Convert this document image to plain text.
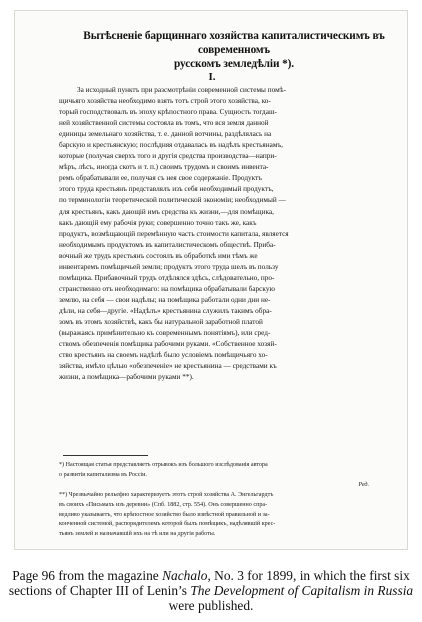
Вытѣсненіе барщиннаго хозяйства капиталистическимъ въ современномъ
русскомъ земледѣліи *).
I.
За исходный пунктъ при разсмотрѣніи современной системы помѣ-
щичьяго хозяйства необходимо взять тотъ строй этого хозяйства, ко-
торый господствовалъ въ эпоху крѣпостного права. Сущность тогдаш-
ней хозяйственной системы состояла въ томъ, что вся земля данной
единицы земельнаго хозяйства, т. е. данной вотчины, раздѣлялась на
барскую и крестьянскую; послѣдняя отдавалась въ надѣлъ крестьянамъ,
которые (получая сверхъ того и другія средства производства—напри-
мѣръ, лѣсъ, иногда скотъ и т. п.) своимъ трудомъ и своимъ инвента-
ремъ обрабатывали ее, получая съ нея свое содержаніе. Продуктъ
этого труда крестьянъ представлялъ изъ себя необходимый продуктъ,
по терминологіи теоретической политической экономіи; необходимый —
для крестьянъ, какъ дающій имъ средства къ жизни,—для помѣщика,
какъ дающій ему рабочія руки; совершенно точно такъ же, какъ
продуктъ, возмѣщающій перемѣнную часть стоимости капитала, является
необходимымъ продуктомъ въ капиталистическомъ обществѣ. Приба-
вочный же трудъ крестьянъ состоялъ въ обработкѣ ими тѣмъ же
инвентаремъ помѣщичьей земли; продуктъ этого труда шелъ въ пользу
помѣщика. Прибавочный трудъ отдѣлялся здѣсь, слѣдовательно, про-
странственно отъ необходимаго: на помѣщика обрабатывали барскую
землю, на себя — свои надѣлы; на помѣщика работали одни дни не-
дѣли, на себя—другіе. «Надѣлъ» крестьянина служилъ такимъ обра-
зомъ въ этомъ хозяйствѣ, какъ бы натуральной заработной платой
(выражаясь примѣнительно къ современнымъ понятіямъ), или сред-
ствомъ обезпеченія помѣщика рабочими руками. «Собственное хозяй-
ство крестьянъ на своемъ надѣлѣ было условіемъ помѣщичьяго хо-
зяйства, имѣло цѣлью «обезпеченіе» не крестьянина — средствами къ
жизни, а помѣщика—рабочими руками **).
*) Настоящая статья представляетъ отрывокъ изъ большого изслѣдованія автора
о развитіи капитализма въ Россіи.
Ред.
**) Чрезвычайно рельефно характеризуетъ этотъ строй хозяйства А. Энгельгардтъ
въ своихъ «Письмахъ изъ деревни» (Спб. 1882, стр. 554). Онъ совершенно спра-
ведливо указываетъ, что крѣпостное хозяйство было извѣстной правильной и за-
конченной системой, распорядителемъ которой былъ помѣщикъ, надѣлявшій крес-
тьянъ землей и назначавшій ихъ на тѣ или на другія работы.
Page 96 from the magazine Nachalo, No. 3 for 1899, in which the first six sections of Chapter III of Lenin’s The Development of Capitalism in Russia were published.
